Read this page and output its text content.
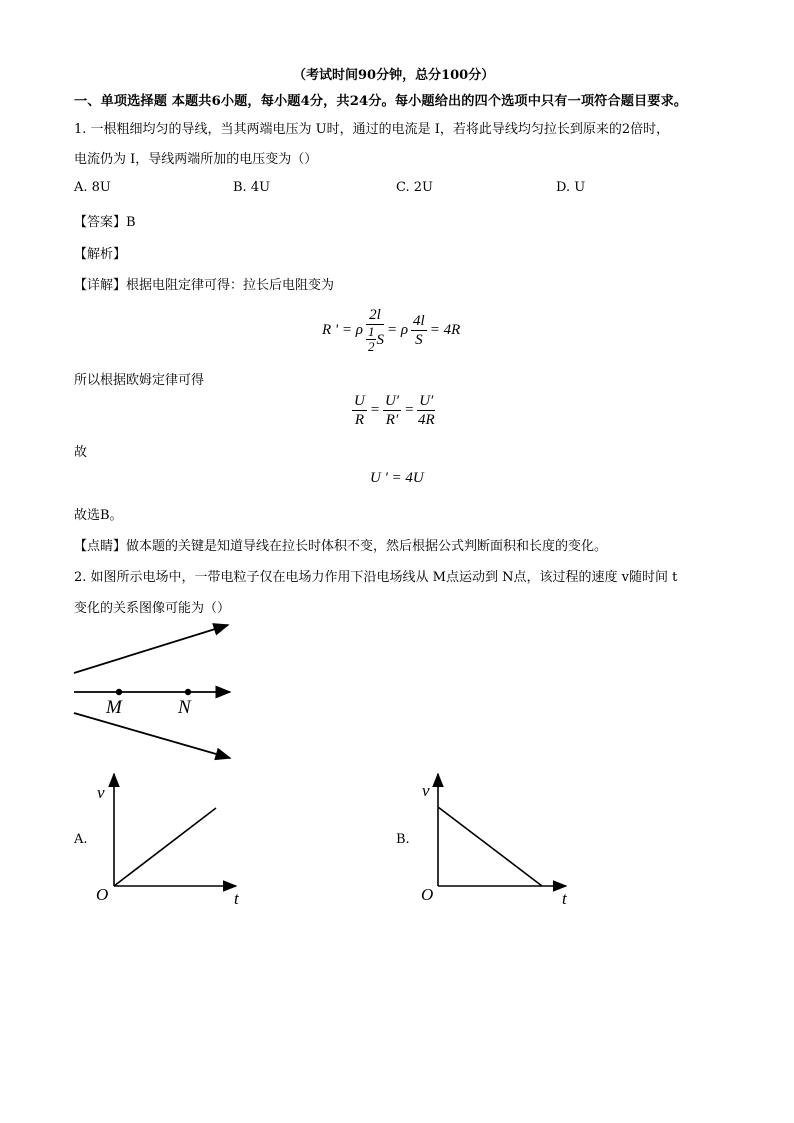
（考试时间90分钟，总分100分）
一、单项选择题 本题共6小题，每小题4分，共24分。每小题给出的四个选项中只有一项符合题目要求。
1. 一根粗细均匀的导线，当其两端电压为 U时，通过的电流是 I，若将此导线均匀拉长到原来的2倍时，
电流仍为 I，导线两端所加的电压变为（）
A. 8U	B. 4U	C. 2U	D. U
【答案】B
【解析】
【详解】根据电阻定律可得：拉长后电阻变为
R ' = ρ $\frac{2l}{\frac{1}{2} S} = \rho \frac{4l}{S} = 4R$
所以根据欧姆定律可得
$\frac{U}{R} = \frac{U'}{R'} = \frac{U'}{4R}$
故
U ' = 4U
故选B。
【点睛】做本题的关键是知道导线在拉长时体积不变，然后根据公式判断面积和长度的变化。
2. 如图所示电场中，一带电粒子仅在电场力作用下沿电场线从 M点运动到 N点，该过程的速度 v随时间 t
变化的关系图像可能为（）
M	N
A.
v
O	t
B.
v
O	t
